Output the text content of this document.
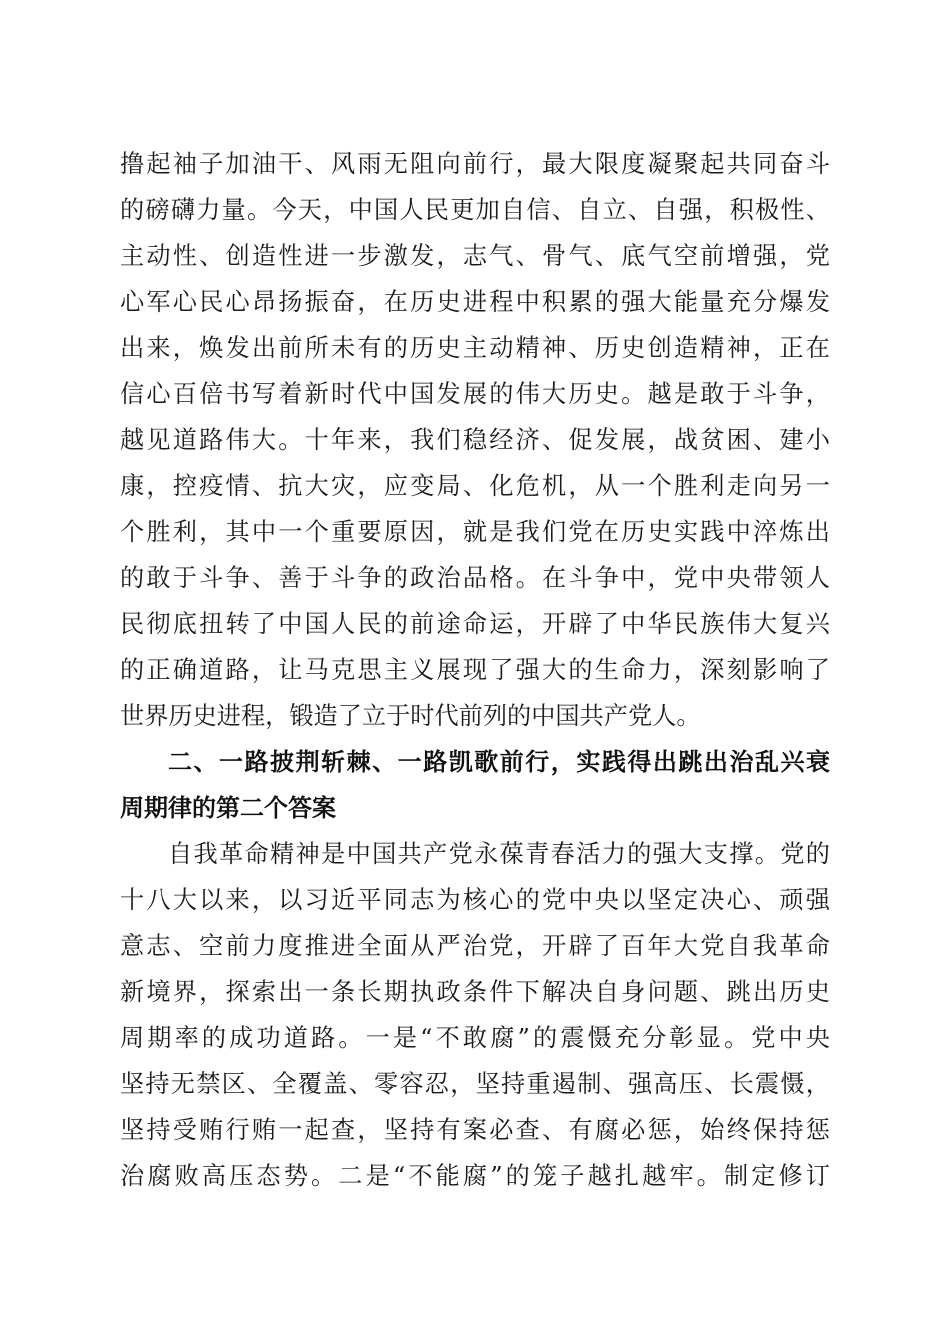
撸起袖子加油干、风雨无阻向前行，最大限度凝聚起共同奋斗
的磅礴力量。今天，中国人民更加自信、自立、自强，积极性、
主动性、创造性进一步激发，志气、骨气、底气空前增强，党
心军心民心昂扬振奋，在历史进程中积累的强大能量充分爆发
出来，焕发出前所未有的历史主动精神、历史创造精神，正在
信心百倍书写着新时代中国发展的伟大历史。越是敢于斗争，
越见道路伟大。十年来，我们稳经济、促发展，战贫困、建小
康，控疫情、抗大灾，应变局、化危机，从一个胜利走向另一
个胜利，其中一个重要原因，就是我们党在历史实践中淬炼出
的敢于斗争、善于斗争的政治品格。在斗争中，党中央带领人
民彻底扭转了中国人民的前途命运，开辟了中华民族伟大复兴
的正确道路，让马克思主义展现了强大的生命力，深刻影响了
世界历史进程，锻造了立于时代前列的中国共产党人。
二、一路披荆斩棘、一路凯歌前行，实践得出跳出治乱兴衰
周期律的第二个答案
自我革命精神是中国共产党永葆青春活力的强大支撑。党的
十八大以来，以习近平同志为核心的党中央以坚定决心、顽强
意志、空前力度推进全面从严治党，开辟了百年大党自我革命
新境界，探索出一条长期执政条件下解决自身问题、跳出历史
周期率的成功道路。一是“不敢腐”的震慑充分彰显。党中央
坚持无禁区、全覆盖、零容忍，坚持重遏制、强高压、长震慑，
坚持受贿行贿一起查，坚持有案必查、有腐必惩，始终保持惩
治腐败高压态势。二是“不能腐”的笼子越扎越牢。制定修订
